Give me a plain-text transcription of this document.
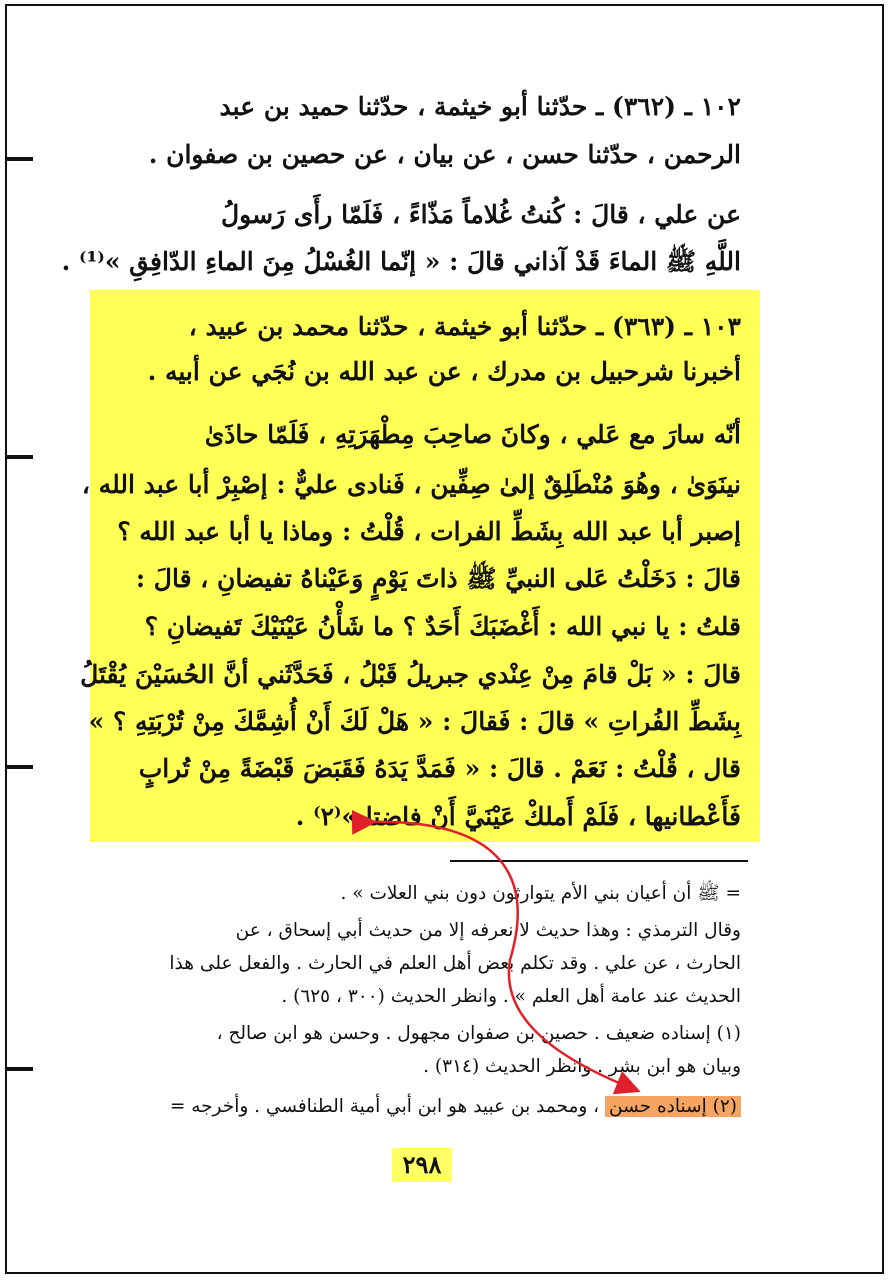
١٠٢ ـ (٣٦٢) ـ حدّثنا أبو خيثمة ، حدّثنا حميد بن عبد
الرحمن ، حدّثنا حسن ، عن بيان ، عن حصين بن صفوان .
عن علي ، قالَ : كُنتُ غُلاماً مَذّاءً ، فَلَمّا رأَى رَسولُ
اللَّهِ ﷺ الماءَ قَدْ آذاني قالَ : « إنّما الغُسْلُ مِنَ الماءِ الدّافِقِ »⁽¹⁾ .
١٠٣ ـ (٣٦٣) ـ حدّثنا أبو خيثمة ، حدّثنا محمد بن عبيد ،
أخبرنا شرحبيل بن مدرك ، عن عبد الله بن نُجَي عن أبيه .
أنّه سارَ مع عَلي ، وكانَ صاحِبَ مِطْهَرَتِهِ ، فَلَمّا حاذَىٰ
نينَوَىٰ ، وهُوَ مُنْطَلِقٌ إلىٰ صِفِّين ، فَنادى عليٌّ : إصْبِرْ أبا عبد الله ،
إصبر أبا عبد الله بِشَطِّ الفرات ، قُلْتُ : وماذا يا أبا عبد الله ؟
قالَ : دَخَلْتُ عَلى النبيِّ ﷺ ذاتَ يَوْمٍ وَعَيْناهُ تفيضانِ ، قالَ :
قلتُ : يا نبي الله : أَغْضَبَكَ أَحَدٌ ؟ ما شَأْنُ عَيْنَيْكَ تَفيضانِ ؟
قالَ : « بَلْ قامَ مِنْ عِنْدي جبريلُ قَبْلُ ، فَحَدَّثَني أنَّ الحُسَيْنَ يُقْتَلُ
بِشَطِّ الفُراتِ » قالَ : فَقالَ : « هَلْ لَكَ أَنْ أُشِمَّكَ مِنْ تُرْبَتِهِ ؟ »
قال ، قُلْتُ : نَعَمْ . قالَ : « فَمَدَّ يَدَهُ فَقَبَضَ قَبْضَةً مِنْ تُرابٍ
فَأَعْطانيها ، فَلَمْ أَملكْ عَيْنَيَّ أَنْ فاضتا »⁽٢⁾ .
= ﷺ أن أعيان بني الأم يتوارثون دون بني العلات » .
وقال الترمذي : وهذا حديث لا نعرفه إلا من حديث أبي إسحاق ، عن
الحارث ، عن علي . وقد تكلم بعض أهل العلم في الحارث . والفعل على هذا
الحديث عند عامة أهل العلم » . وانظر الحديث (٣٠٠ ، ٦٢٥) .
(١) إسناده ضعيف . حصين بن صفوان مجهول . وحسن هو ابن صالح ،
وبيان هو ابن بشر . وانظر الحديث (٣١٤) .
(٢) إسناده حسن ، ومحمد بن عبيد هو ابن أبي أمية الطنافسي . وأخرجه =
٢٩٨
